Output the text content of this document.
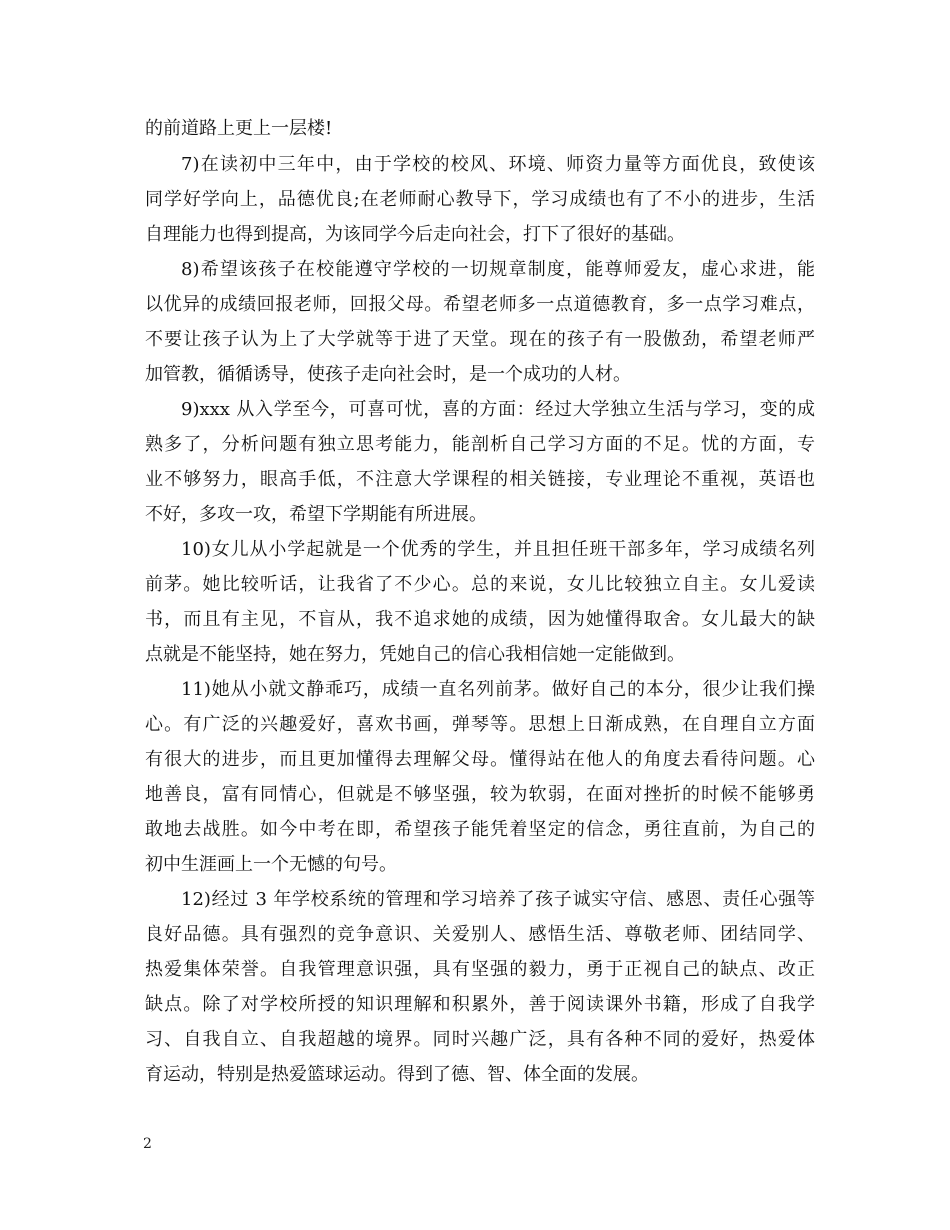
的前道路上更上一层楼!
7)在读初中三年中，由于学校的校风、环境、师资力量等方面优良，致使该
同学好学向上，品德优良;在老师耐心教导下，学习成绩也有了不小的进步，生活
自理能力也得到提高，为该同学今后走向社会，打下了很好的基础。
8)希望该孩子在校能遵守学校的一切规章制度，能尊师爱友，虚心求进，能
以优异的成绩回报老师，回报父母。希望老师多一点道德教育，多一点学习难点，
不要让孩子认为上了大学就等于进了天堂。现在的孩子有一股傲劲，希望老师严
加管教，循循诱导，使孩子走向社会时，是一个成功的人材。
9)xxx 从入学至今，可喜可忧，喜的方面：经过大学独立生活与学习，变的成
熟多了，分析问题有独立思考能力，能剖析自己学习方面的不足。忧的方面，专
业不够努力，眼高手低，不注意大学课程的相关链接，专业理论不重视，英语也
不好，多攻一攻，希望下学期能有所进展。
10)女儿从小学起就是一个优秀的学生，并且担任班干部多年，学习成绩名列
前茅。她比较听话，让我省了不少心。总的来说，女儿比较独立自主。女儿爱读
书，而且有主见，不盲从，我不追求她的成绩，因为她懂得取舍。女儿最大的缺
点就是不能坚持，她在努力，凭她自己的信心我相信她一定能做到。
11)她从小就文静乖巧，成绩一直名列前茅。做好自己的本分，很少让我们操
心。有广泛的兴趣爱好，喜欢书画，弹琴等。思想上日渐成熟，在自理自立方面
有很大的进步，而且更加懂得去理解父母。懂得站在他人的角度去看待问题。心
地善良，富有同情心，但就是不够坚强，较为软弱，在面对挫折的时候不能够勇
敢地去战胜。如今中考在即，希望孩子能凭着坚定的信念，勇往直前，为自己的
初中生涯画上一个无憾的句号。
12)经过 3 年学校系统的管理和学习培养了孩子诚实守信、感恩、责任心强等
良好品德。具有强烈的竞争意识、关爱别人、感悟生活、尊敬老师、团结同学、
热爱集体荣誉。自我管理意识强，具有坚强的毅力，勇于正视自己的缺点、改正
缺点。除了对学校所授的知识理解和积累外，善于阅读课外书籍，形成了自我学
习、自我自立、自我超越的境界。同时兴趣广泛，具有各种不同的爱好，热爱体
育运动，特别是热爱篮球运动。得到了德、智、体全面的发展。
2
